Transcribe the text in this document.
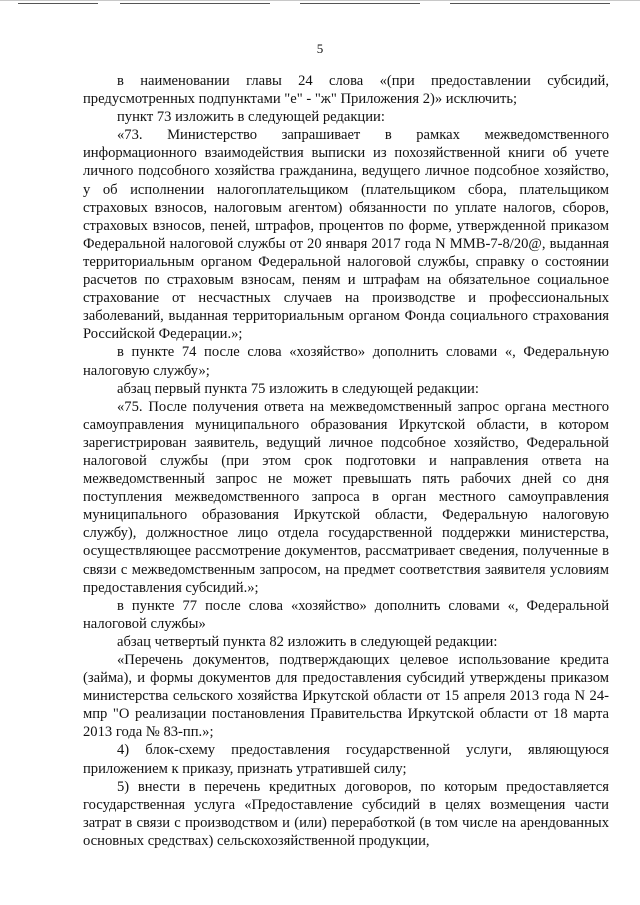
5

в наименовании главы 24 слова «(при предоставлении субсидий, предусмотренных подпунктами "е" - "ж" Приложения 2)» исключить;

пункт 73 изложить в следующей редакции:

«73. Министерство запрашивает в рамках межведомственного информационного взаимодействия выписки из похозяйственной книги об учете личного подсобного хозяйства гражданина, ведущего личное подсобное хозяйство, у об исполнении налогоплательщиком (плательщиком сбора, плательщиком страховых взносов, налоговым агентом) обязанности по уплате налогов, сборов, страховых взносов, пеней, штрафов, процентов по форме, утвержденной приказом Федеральной налоговой службы от 20 января 2017 года N ММВ-7-8/20@, выданная территориальным органом Федеральной налоговой службы, справку о состоянии расчетов по страховым взносам, пеням и штрафам на обязательное социальное страхование от несчастных случаев на производстве и профессиональных заболеваний, выданная территориальным органом Фонда социального страхования Российской Федерации.»;

в пункте 74 после слова «хозяйство» дополнить словами «, Федеральную налоговую службу»;

абзац первый пункта 75 изложить в следующей редакции:

«75. После получения ответа на межведомственный запрос органа местного самоуправления муниципального образования Иркутской области, в котором зарегистрирован заявитель, ведущий личное подсобное хозяйство, Федеральной налоговой службы (при этом срок подготовки и направления ответа на межведомственный запрос не может превышать пять рабочих дней со дня поступления межведомственного запроса в орган местного самоуправления муниципального образования Иркутской области, Федеральную налоговую службу), должностное лицо отдела государственной поддержки министерства, осуществляющее рассмотрение документов, рассматривает сведения, полученные в связи с межведомственным запросом, на предмет соответствия заявителя условиям предоставления субсидий.»;

в пункте 77 после слова «хозяйство» дополнить словами «, Федеральной налоговой службы»

абзац четвертый пункта 82 изложить в следующей редакции:

«Перечень документов, подтверждающих целевое использование кредита (займа), и формы документов для предоставления субсидий утверждены приказом министерства сельского хозяйства Иркутской области от 15 апреля 2013 года N 24-мпр "О реализации постановления Правительства Иркутской области от 18 марта 2013 года № 83-пп.»;

4) блок-схему предоставления государственной услуги, являющуюся приложением к приказу, признать утратившей силу;

5) внести в перечень кредитных договоров, по которым предоставляется государственная услуга «Предоставление субсидий в целях возмещения части затрат в связи с производством и (или) переработкой (в том числе на арендованных основных средствах) сельскохозяйственной продукции,
